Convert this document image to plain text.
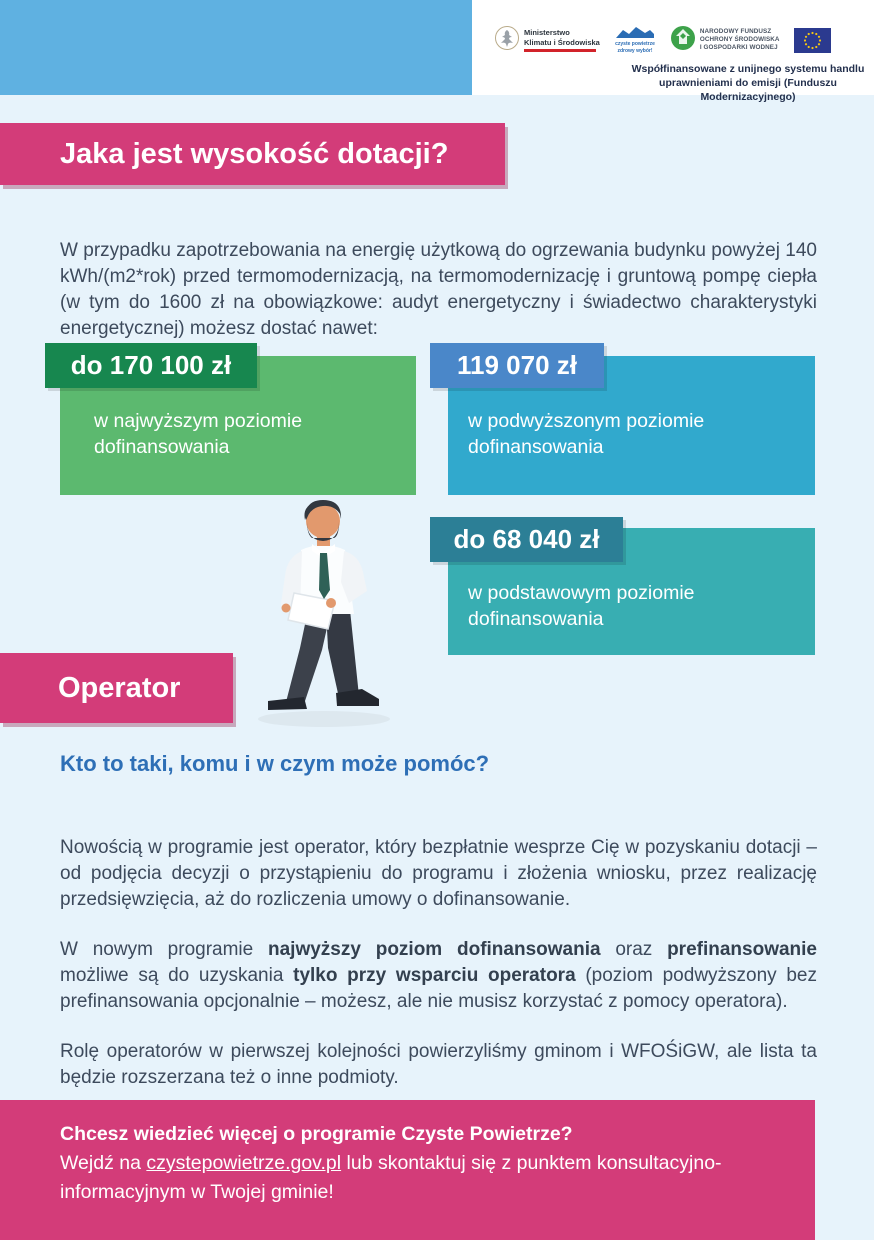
Ministerstwo
Klimatu i Środowiska	czyste powietrze
zdrowy wybór!
NARODOWY FUNDUSZ
OCHRONY ŚRODOWISKA
I GOSPODARKI WODNEJ
Współfinansowane z unijnego systemu handlu uprawnieniami do emisji (Funduszu Modernizacyjnego)
Jaka jest wysokość dotacji?

W przypadku zapotrzebowania na energię użytkową do ogrzewania budynku powyżej 140 kWh/(m2*rok) przed termomodernizacją, na termomodernizację i gruntową pompę ciepła (w tym do 1600 zł na obowiązkowe: audyt energetyczny i świadectwo charakterystyki energetycznej) możesz dostać nawet:

w najwyższym poziomie dofinansowania
do 170 100 zł
w podwyższonym poziomie dofinansowania
119 070 zł
w podstawowym poziomie dofinansowania
do 68 040 zł
Operator
Kto to taki, komu i w czym może pomóc?

Nowością w programie jest operator, który bezpłatnie wesprze Cię w pozyskaniu dotacji – od podjęcia decyzji o przystąpieniu do programu i złożenia wniosku, przez realizację przedsięwzięcia, aż do rozliczenia umowy o dofinansowanie.

W nowym programie najwyższy poziom dofinansowania oraz prefinansowanie możliwe są do uzyskania tylko przy wsparciu operatora (poziom podwyższony bez prefinansowania opcjonalnie – możesz, ale nie musisz korzystać z pomocy operatora).

Rolę operatorów w pierwszej kolejności powierzyliśmy gminom i WFOŚiGW, ale lista ta będzie rozszerzana też o inne podmioty.

Chcesz wiedzieć więcej o programie Czyste Powietrze?
Wejdź na czystepowietrze.gov.pl lub skontaktuj się z punktem konsultacyjno-informacyjnym w Twojej gminie!
